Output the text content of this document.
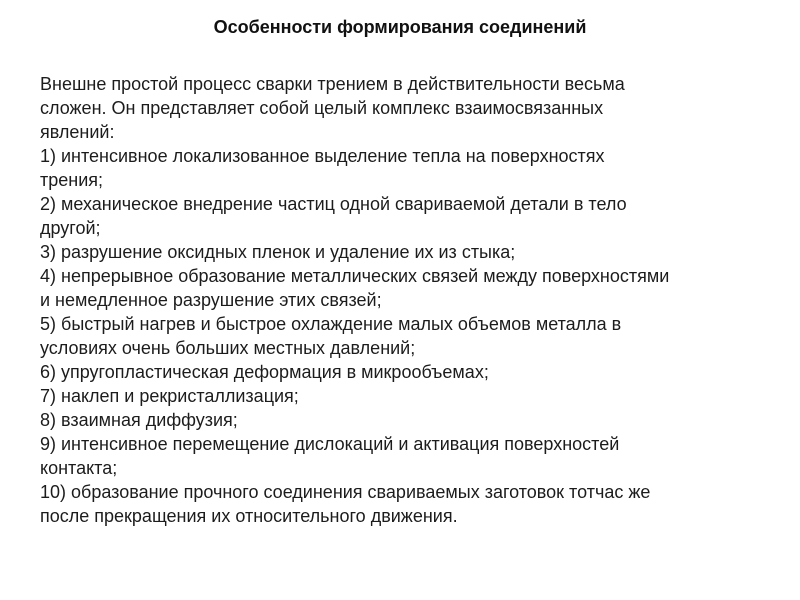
Особенности формирования соединений
Внешне простой процесс сварки трением в действительности весьма
сложен. Он представляет собой целый комплекс взаимосвязанных
явлений:
1) интенсивное локализованное выделение тепла на поверхностях
трения;
2) механическое внедрение частиц одной свариваемой детали в тело
другой;
3) разрушение оксидных пленок и удаление их из стыка;
4) непрерывное образование металлических связей между поверхностями
и немедленное разрушение этих связей;
5) быстрый нагрев и быстрое охлаждение малых объемов металла в
условиях очень больших местных давлений;
6) упругопластическая деформация в микрообъемах;
7) наклеп и рекристаллизация;
8) взаимная диффузия;
9) интенсивное перемещение дислокаций и активация поверхностей
контакта;
10) образование прочного соединения свариваемых заготовок тотчас же
после прекращения их относительного движения.
